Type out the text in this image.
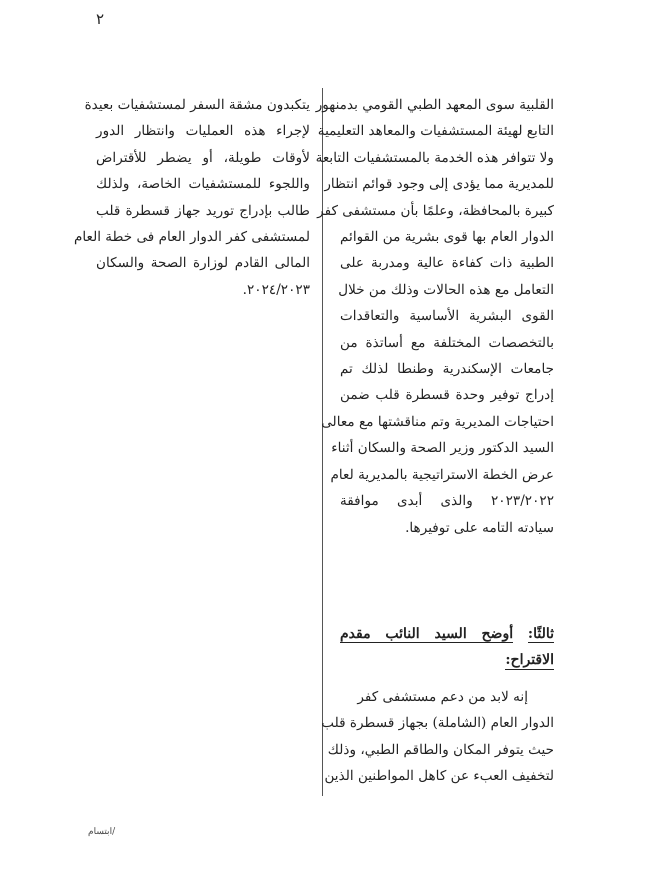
٢
القلبية سوى المعهد الطبي القومي بدمنهور
التابع لهيئة المستشفيات والمعاهد التعليمية
ولا تتوافر هذه الخدمة بالمستشفيات التابعة
للمديرية مما يؤدى إلى وجود قوائم انتظار
كبيرة بالمحافظة، وعلمًا بأن مستشفى كفر
الدوار العام بها قوى بشرية من القوائم
الطبية ذات كفاءة عالية ومدربة على
التعامل مع هذه الحالات وذلك من خلال
القوى البشرية الأساسية والتعاقدات
بالتخصصات المختلفة مع أساتذة من
جامعات الإسكندرية وطنطا لذلك تم
إدراج توفير وحدة قسطرة قلب ضمن
احتياجات المديرية وتم مناقشتها مع معالى
السيد الدكتور وزير الصحة والسكان أثناء
عرض الخطة الاستراتيجية بالمديرية لعام
٢٠٢٣/٢٠٢٢ والذى أبدى موافقة
سيادته التامه على توفيرها.
يتكبدون مشقة السفر لمستشفيات بعيدة
لإجراء هذه العمليات وانتظار الدور
لأوقات طويلة، أو يضطر للأقتراض
واللجوء للمستشفيات الخاصة، ولذلك
طالب بإدراج توريد جهاز قسطرة قلب
لمستشفى كفر الدوار العام فى خطة العام
المالى القادم لوزارة الصحة والسكان
٢٠٢٤/٢٠٢٣.
ثالثًا: أوضح السيد النائب مقدم
الاقتراح:
إنه لابد من دعم مستشفى كفر
الدوار العام (الشاملة) بجهاز قسطرة قلب
حيث يتوفر المكان والطاقم الطبي، وذلك
لتخفيف العبء عن كاهل المواطنين الذين
/ابتسام
